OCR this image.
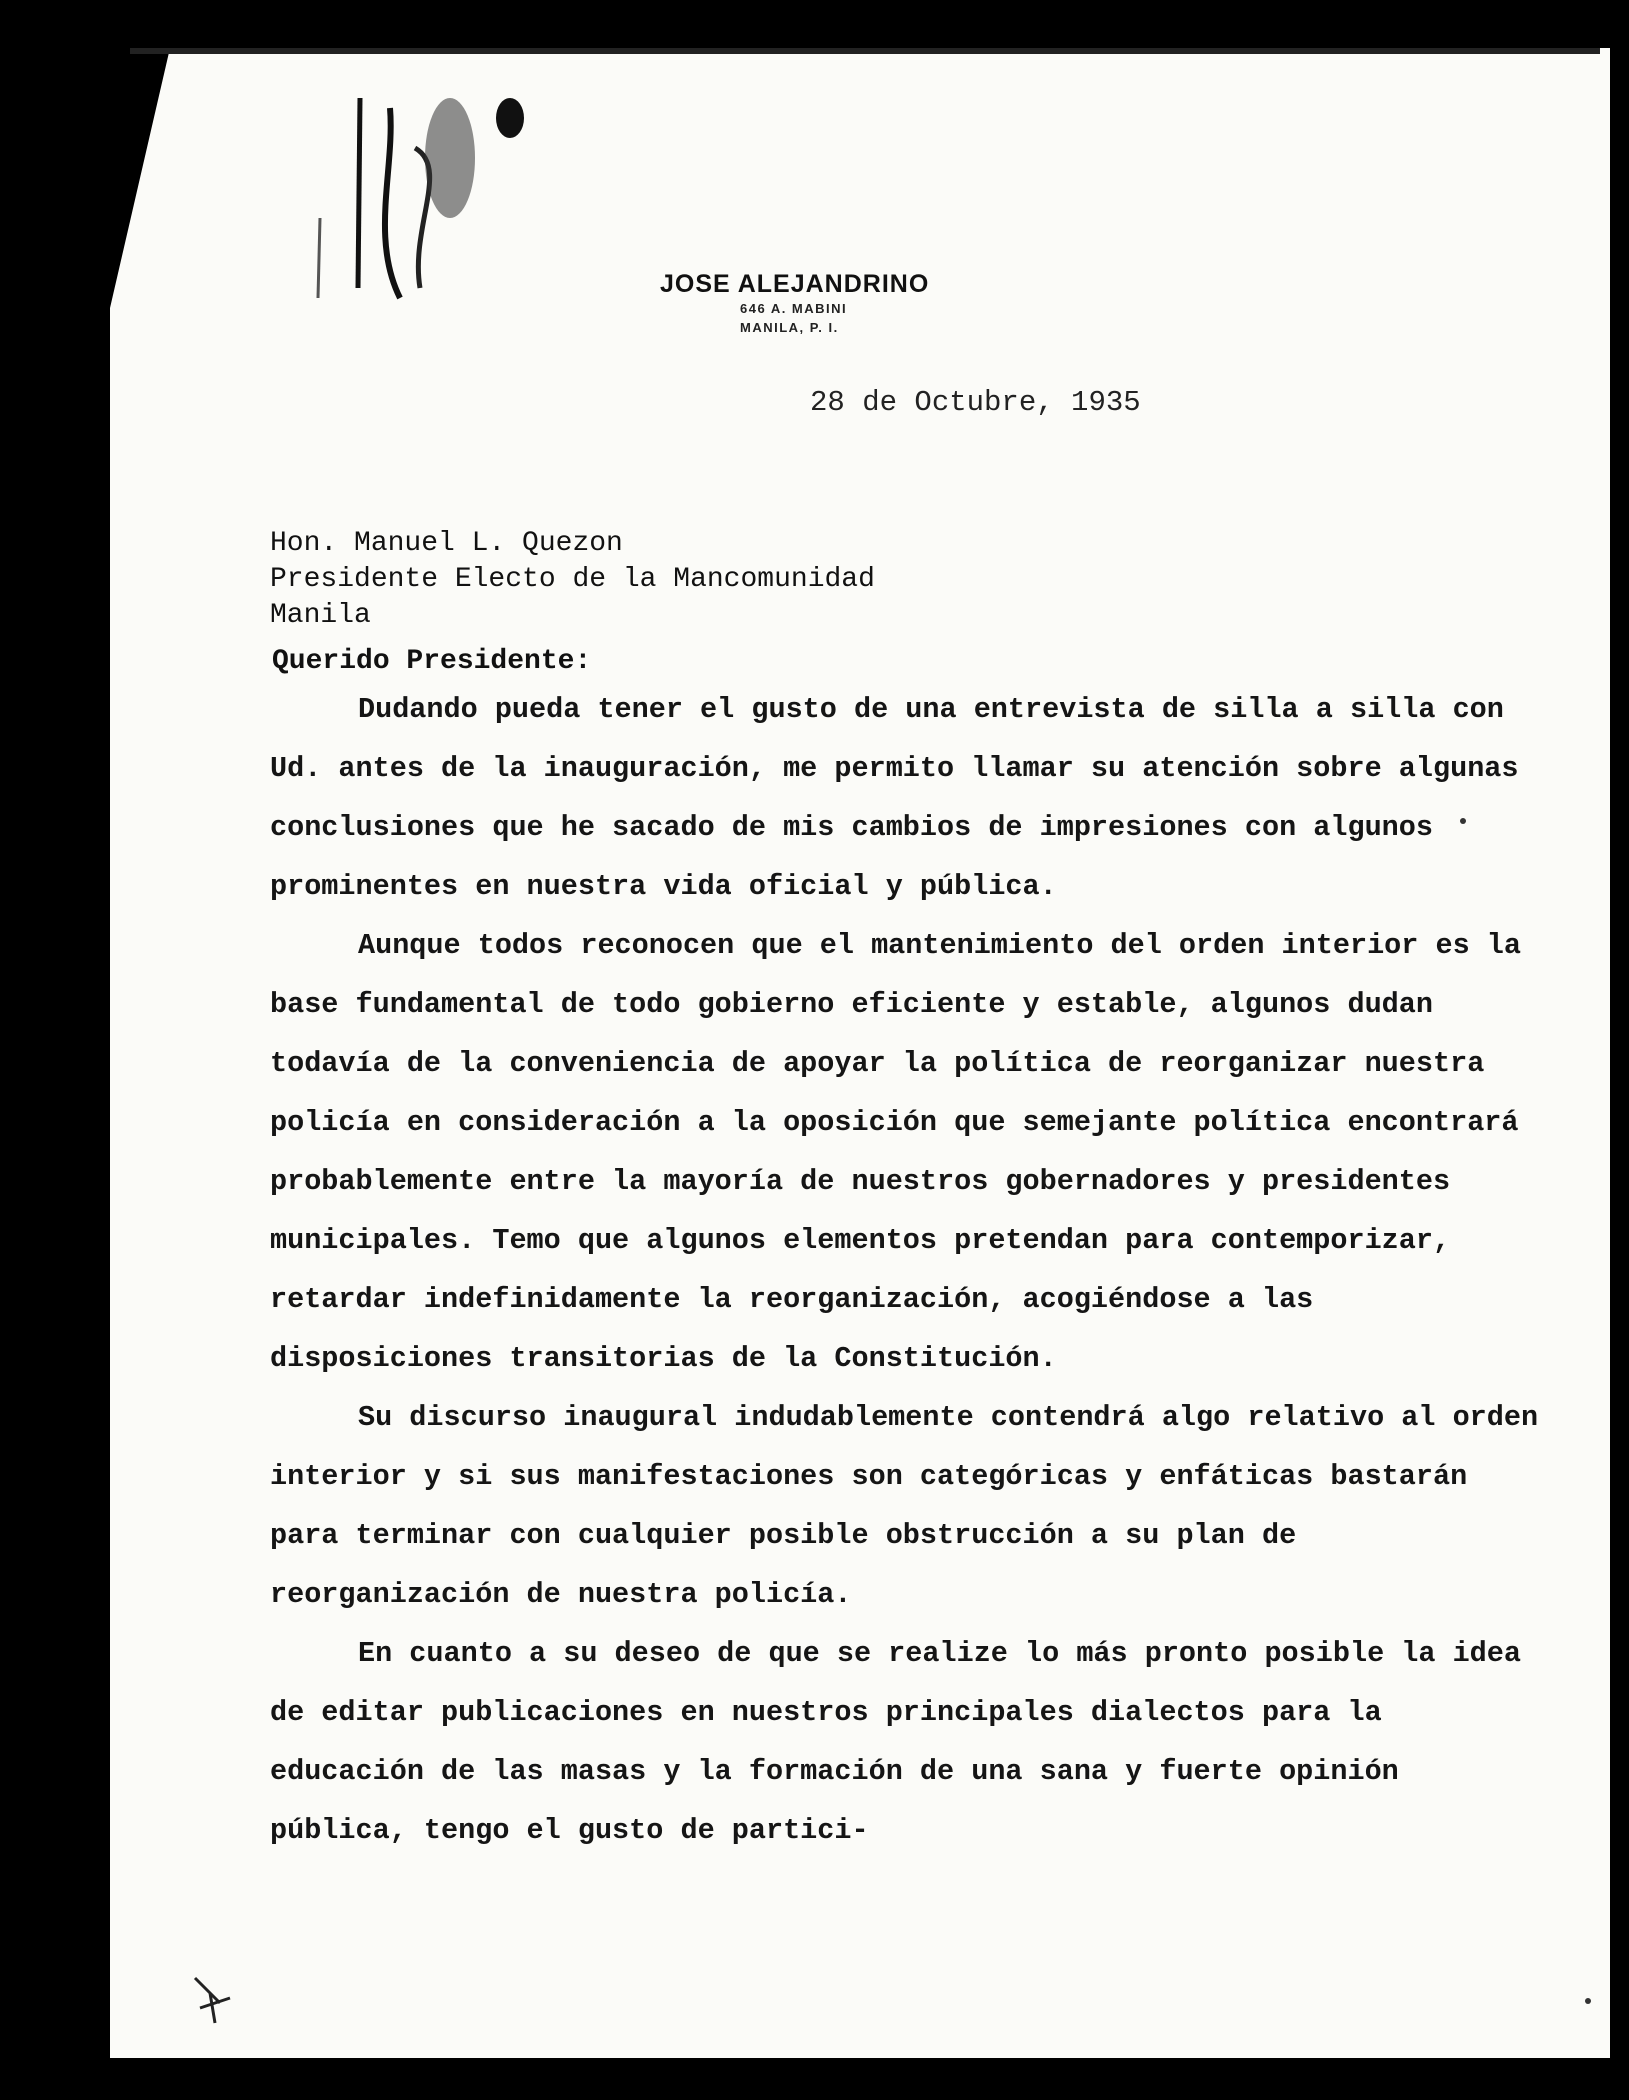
JOSE ALEJANDRINO
646 A. MABINI
MANILA, P. I.
28 de Octubre, 1935
Hon. Manuel L. Quezon
Presidente Electo de la Mancomunidad
Manila
Querido Presidente:

Dudando pueda tener el gusto de una entrevista de silla a silla con Ud. antes de la inauguración, me permito llamar su atención sobre algunas conclusiones que he sacado de mis cambios de impresiones con algunos prominentes en nuestra vida oficial y pública.

Aunque todos reconocen que el mantenimiento del orden interior es la base fundamental de todo gobierno eficiente y estable, algunos dudan todavía de la conveniencia de apoyar la política de reorganizar nuestra policía en consideración a la oposición que semejante política encontrará probablemente entre la mayoría de nuestros gobernadores y presidentes municipales. Temo que algunos elementos pretendan para contemporizar, retardar indefinidamente la reorganización, acogiéndose a las disposiciones transitorias de la Constitución.

Su discurso inaugural indudablemente contendrá algo relativo al orden interior y si sus manifestaciones son categóricas y enfáticas bastarán para terminar con cualquier posible obstrucción a su plan de reorganización de nuestra policía.

En cuanto a su deseo de que se realize lo más pronto posible la idea de editar publicaciones en nuestros principales dialectos para la educación de las masas y la formación de una sana y fuerte opinión pública, tengo el gusto de partici-
